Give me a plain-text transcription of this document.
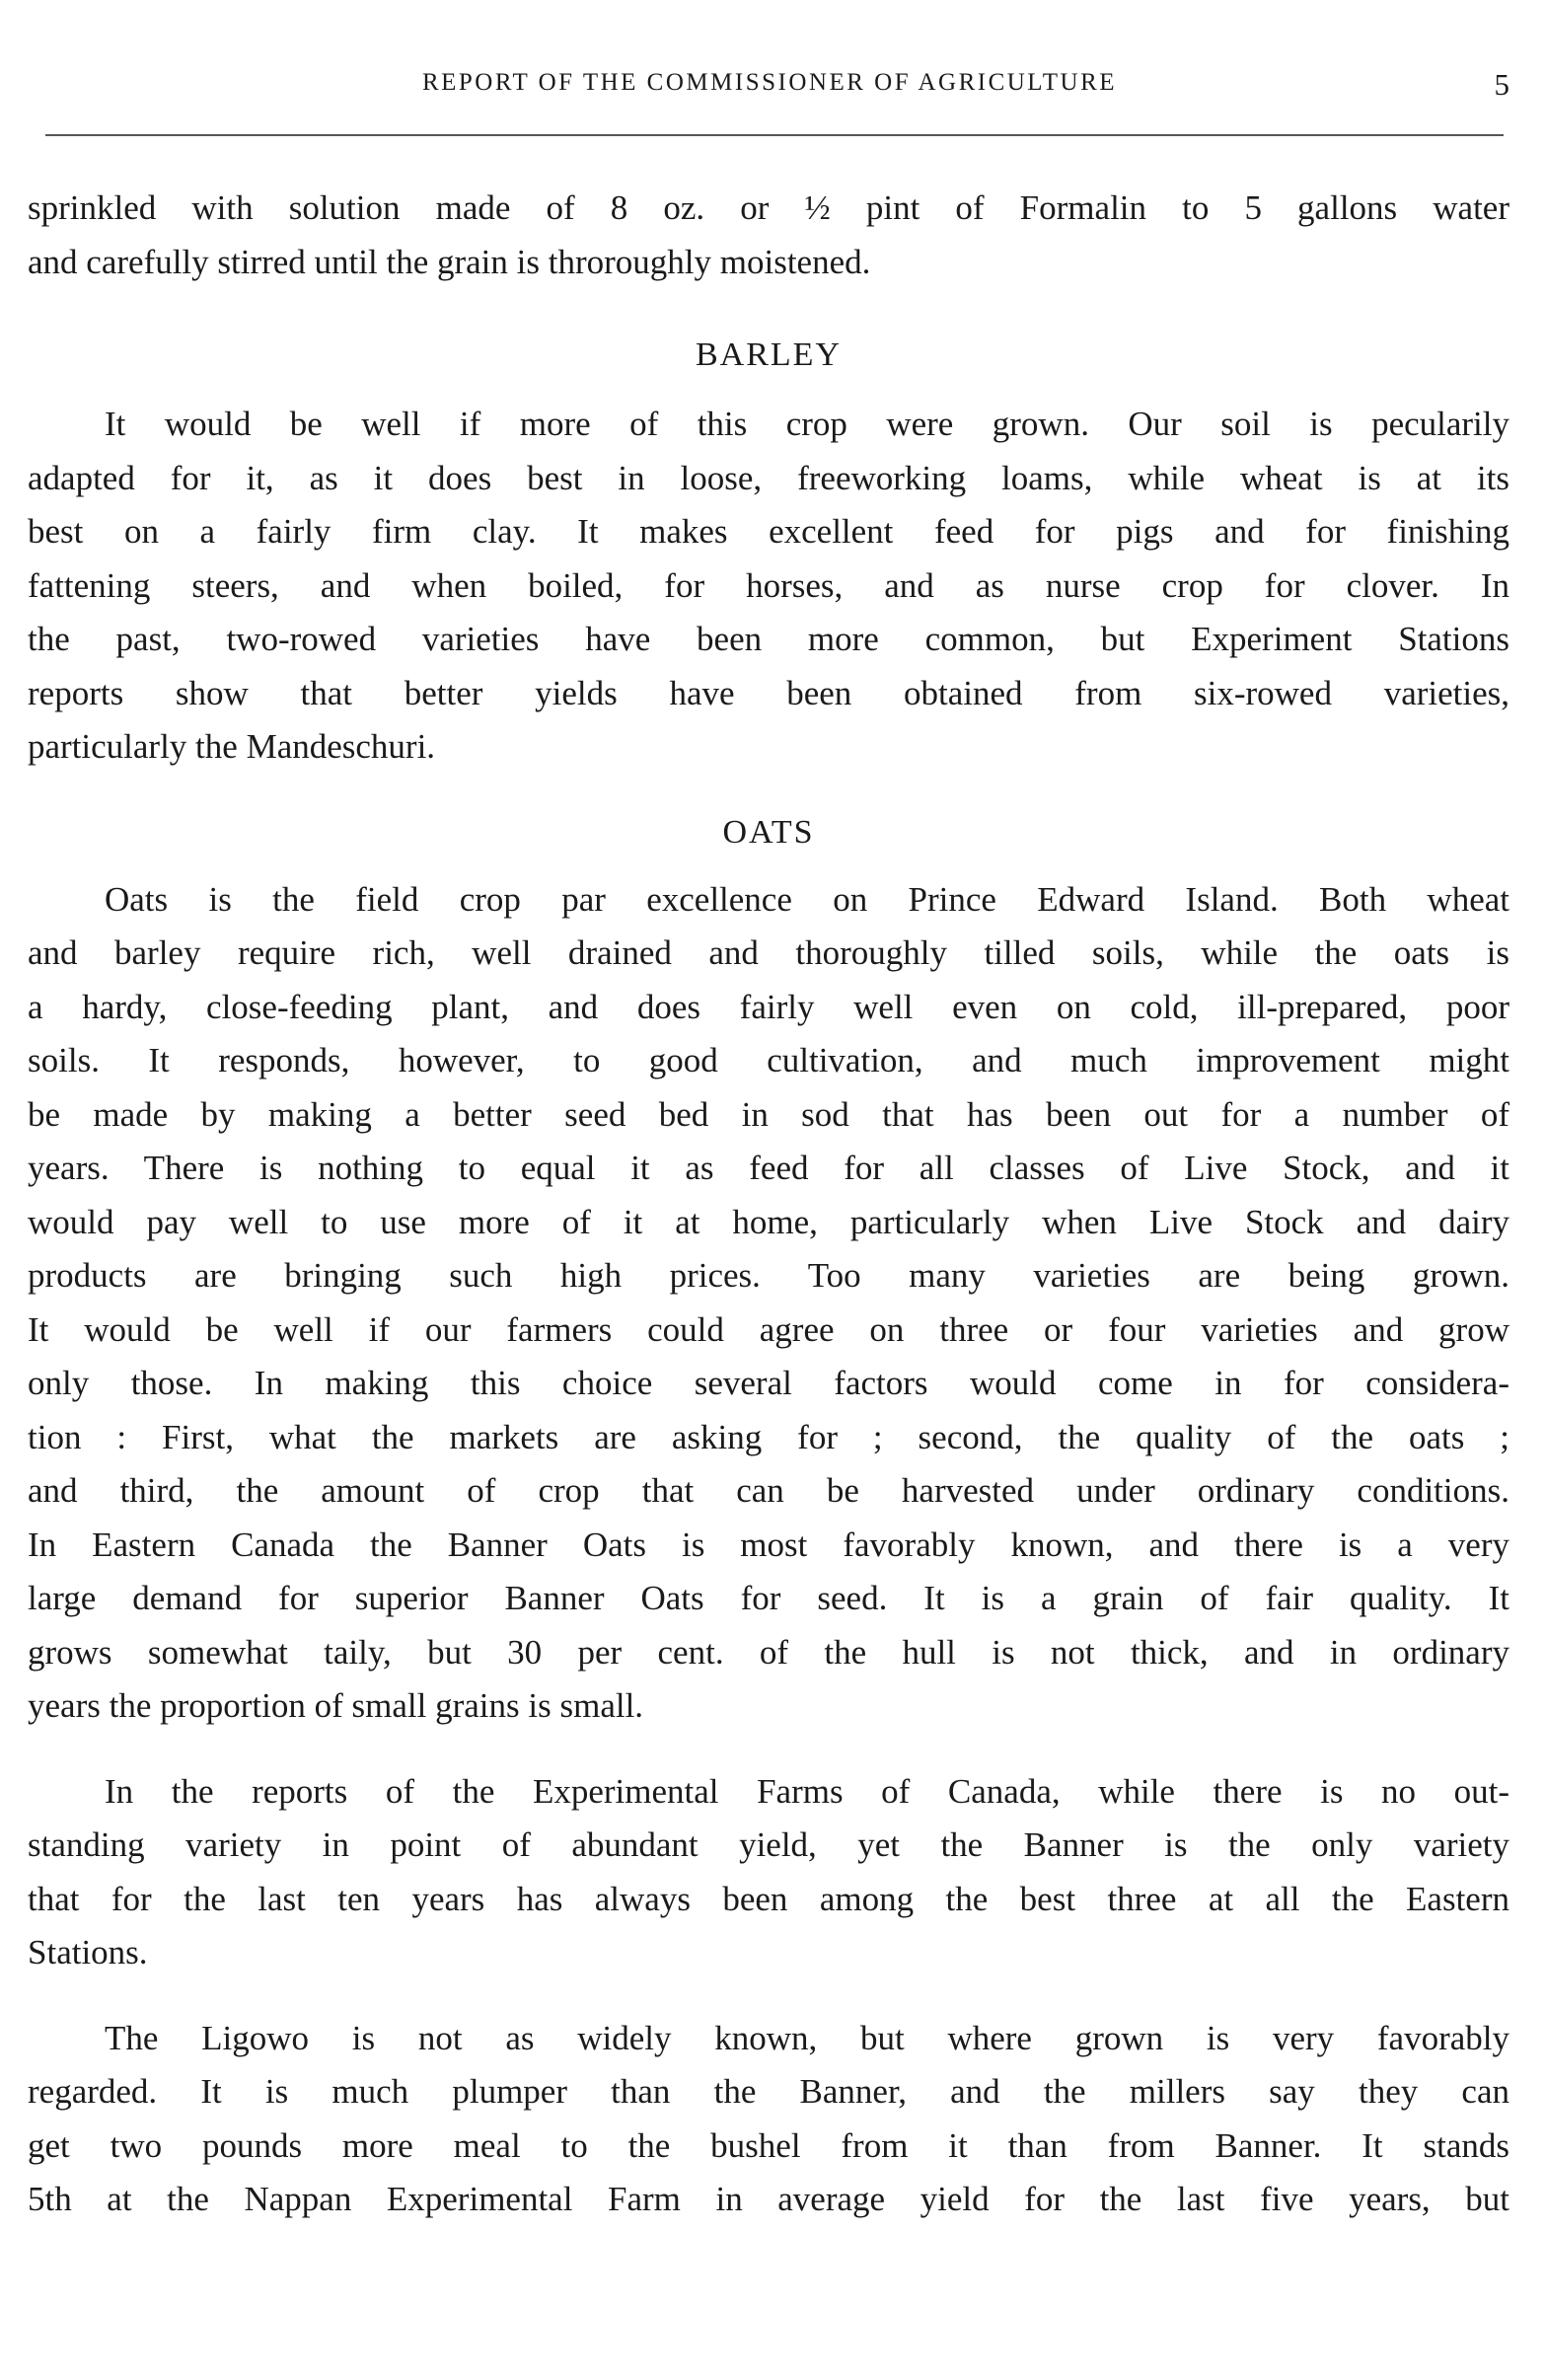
REPORT OF THE COMMISSIONER OF AGRICULTURE	5

sprinkled with solution made of 8 oz. or ½ pint of Formalin to 5 gallons water

and carefully stirred until the grain is throroughly moistened.

BARLEY

It would be well if more of this crop were grown. Our soil is pecularily

adapted for it, as it does best in loose, freeworking loams, while wheat is at its

best on a fairly firm clay. It makes excellent feed for pigs and for finishing

fattening steers, and when boiled, for horses, and as nurse crop for clover. In

the past, two-rowed varieties have been more common, but Experiment Stations

reports show that better yields have been obtained from six-rowed varieties,

particularly the Mandeschuri.

OATS

Oats is the field crop par excellence on Prince Edward Island. Both wheat

and barley require rich, well drained and thoroughly tilled soils, while the oats is

a hardy, close-feeding plant, and does fairly well even on cold, ill-prepared, poor

soils. It responds, however, to good cultivation, and much improvement might

be made by making a better seed bed in sod that has been out for a number of

years. There is nothing to equal it as feed for all classes of Live Stock, and it

would pay well to use more of it at home, particularly when Live Stock and dairy

products are bringing such high prices. Too many varieties are being grown.

It would be well if our farmers could agree on three or four varieties and grow

only those. In making this choice several factors would come in for considera-

tion : First, what the markets are asking for ; second, the quality of the oats ;

and third, the amount of crop that can be harvested under ordinary conditions.

In Eastern Canada the Banner Oats is most favorably known, and there is a very

large demand for superior Banner Oats for seed. It is a grain of fair quality. It

grows somewhat taily, but 30 per cent. of the hull is not thick, and in ordinary

years the proportion of small grains is small.

In the reports of the Experimental Farms of Canada, while there is no out-

standing variety in point of abundant yield, yet the Banner is the only variety

that for the last ten years has always been among the best three at all the Eastern

Stations.

The Ligowo is not as widely known, but where grown is very favorably

regarded. It is much plumper than the Banner, and the millers say they can

get two pounds more meal to the bushel from it than from Banner. It stands

5th at the Nappan Experimental Farm in average yield for the last five years, but
